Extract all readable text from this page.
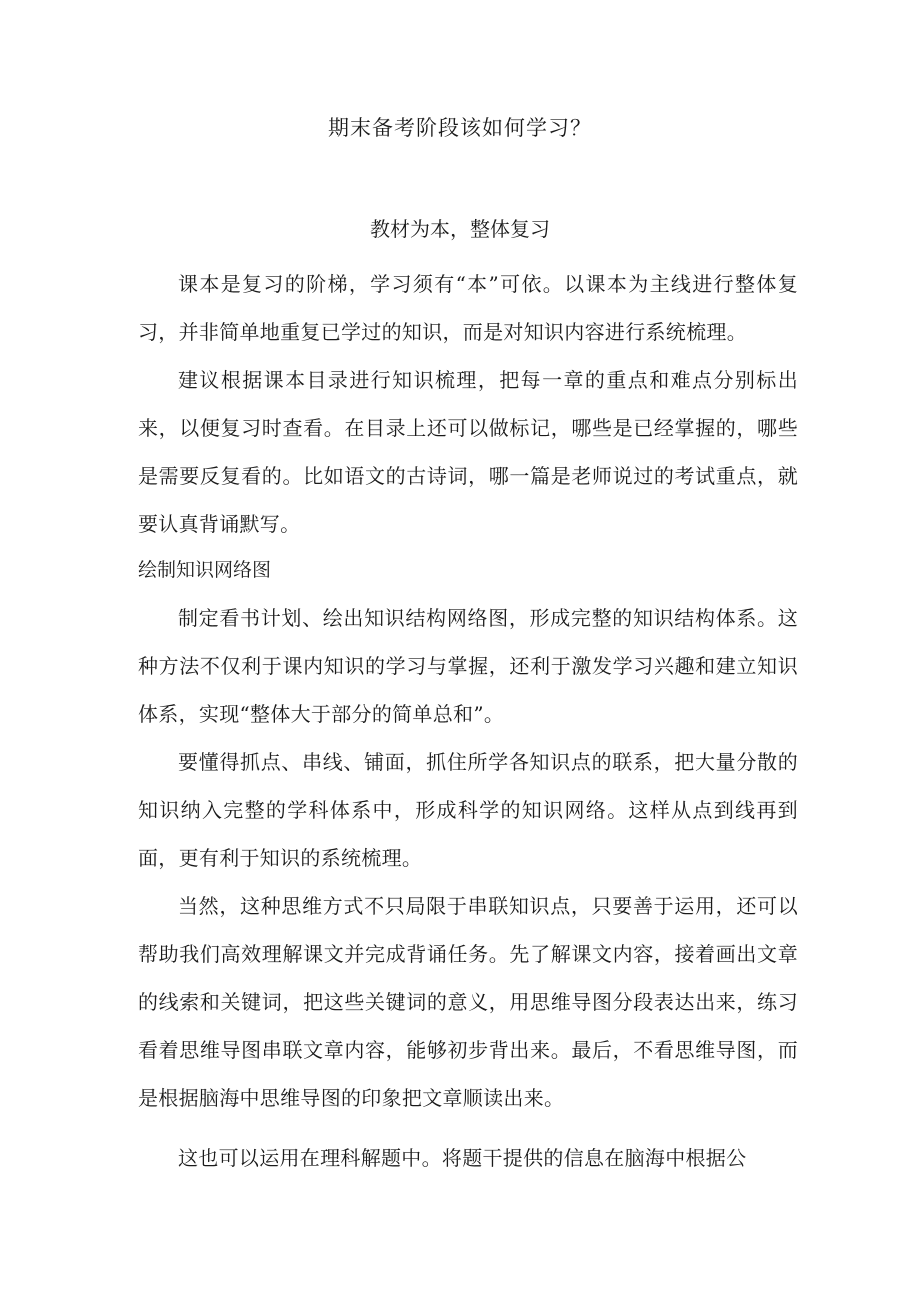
期末备考阶段该如何学习？
教材为本，整体复习

课本是复习的阶梯，学习须有“本”可依。以课本为主线进行整体复习，并非简单地重复已学过的知识，而是对知识内容进行系统梳理。

建议根据课本目录进行知识梳理，把每一章的重点和难点分别标出来，以便复习时查看。在目录上还可以做标记，哪些是已经掌握的，哪些是需要反复看的。比如语文的古诗词，哪一篇是老师说过的考试重点，就要认真背诵默写。

绘制知识网络图

制定看书计划、绘出知识结构网络图，形成完整的知识结构体系。这种方法不仅利于课内知识的学习与掌握，还利于激发学习兴趣和建立知识体系，实现“整体大于部分的简单总和”。

要懂得抓点、串线、铺面，抓住所学各知识点的联系，把大量分散的知识纳入完整的学科体系中，形成科学的知识网络。这样从点到线再到面，更有利于知识的系统梳理。

当然，这种思维方式不只局限于串联知识点，只要善于运用，还可以帮助我们高效理解课文并完成背诵任务。先了解课文内容，接着画出文章的线索和关键词，把这些关键词的意义，用思维导图分段表达出来，练习看着思维导图串联文章内容，能够初步背出来。最后，不看思维导图，而是根据脑海中思维导图的印象把文章顺读出来。

这也可以运用在理科解题中。将题干提供的信息在脑海中根据公
